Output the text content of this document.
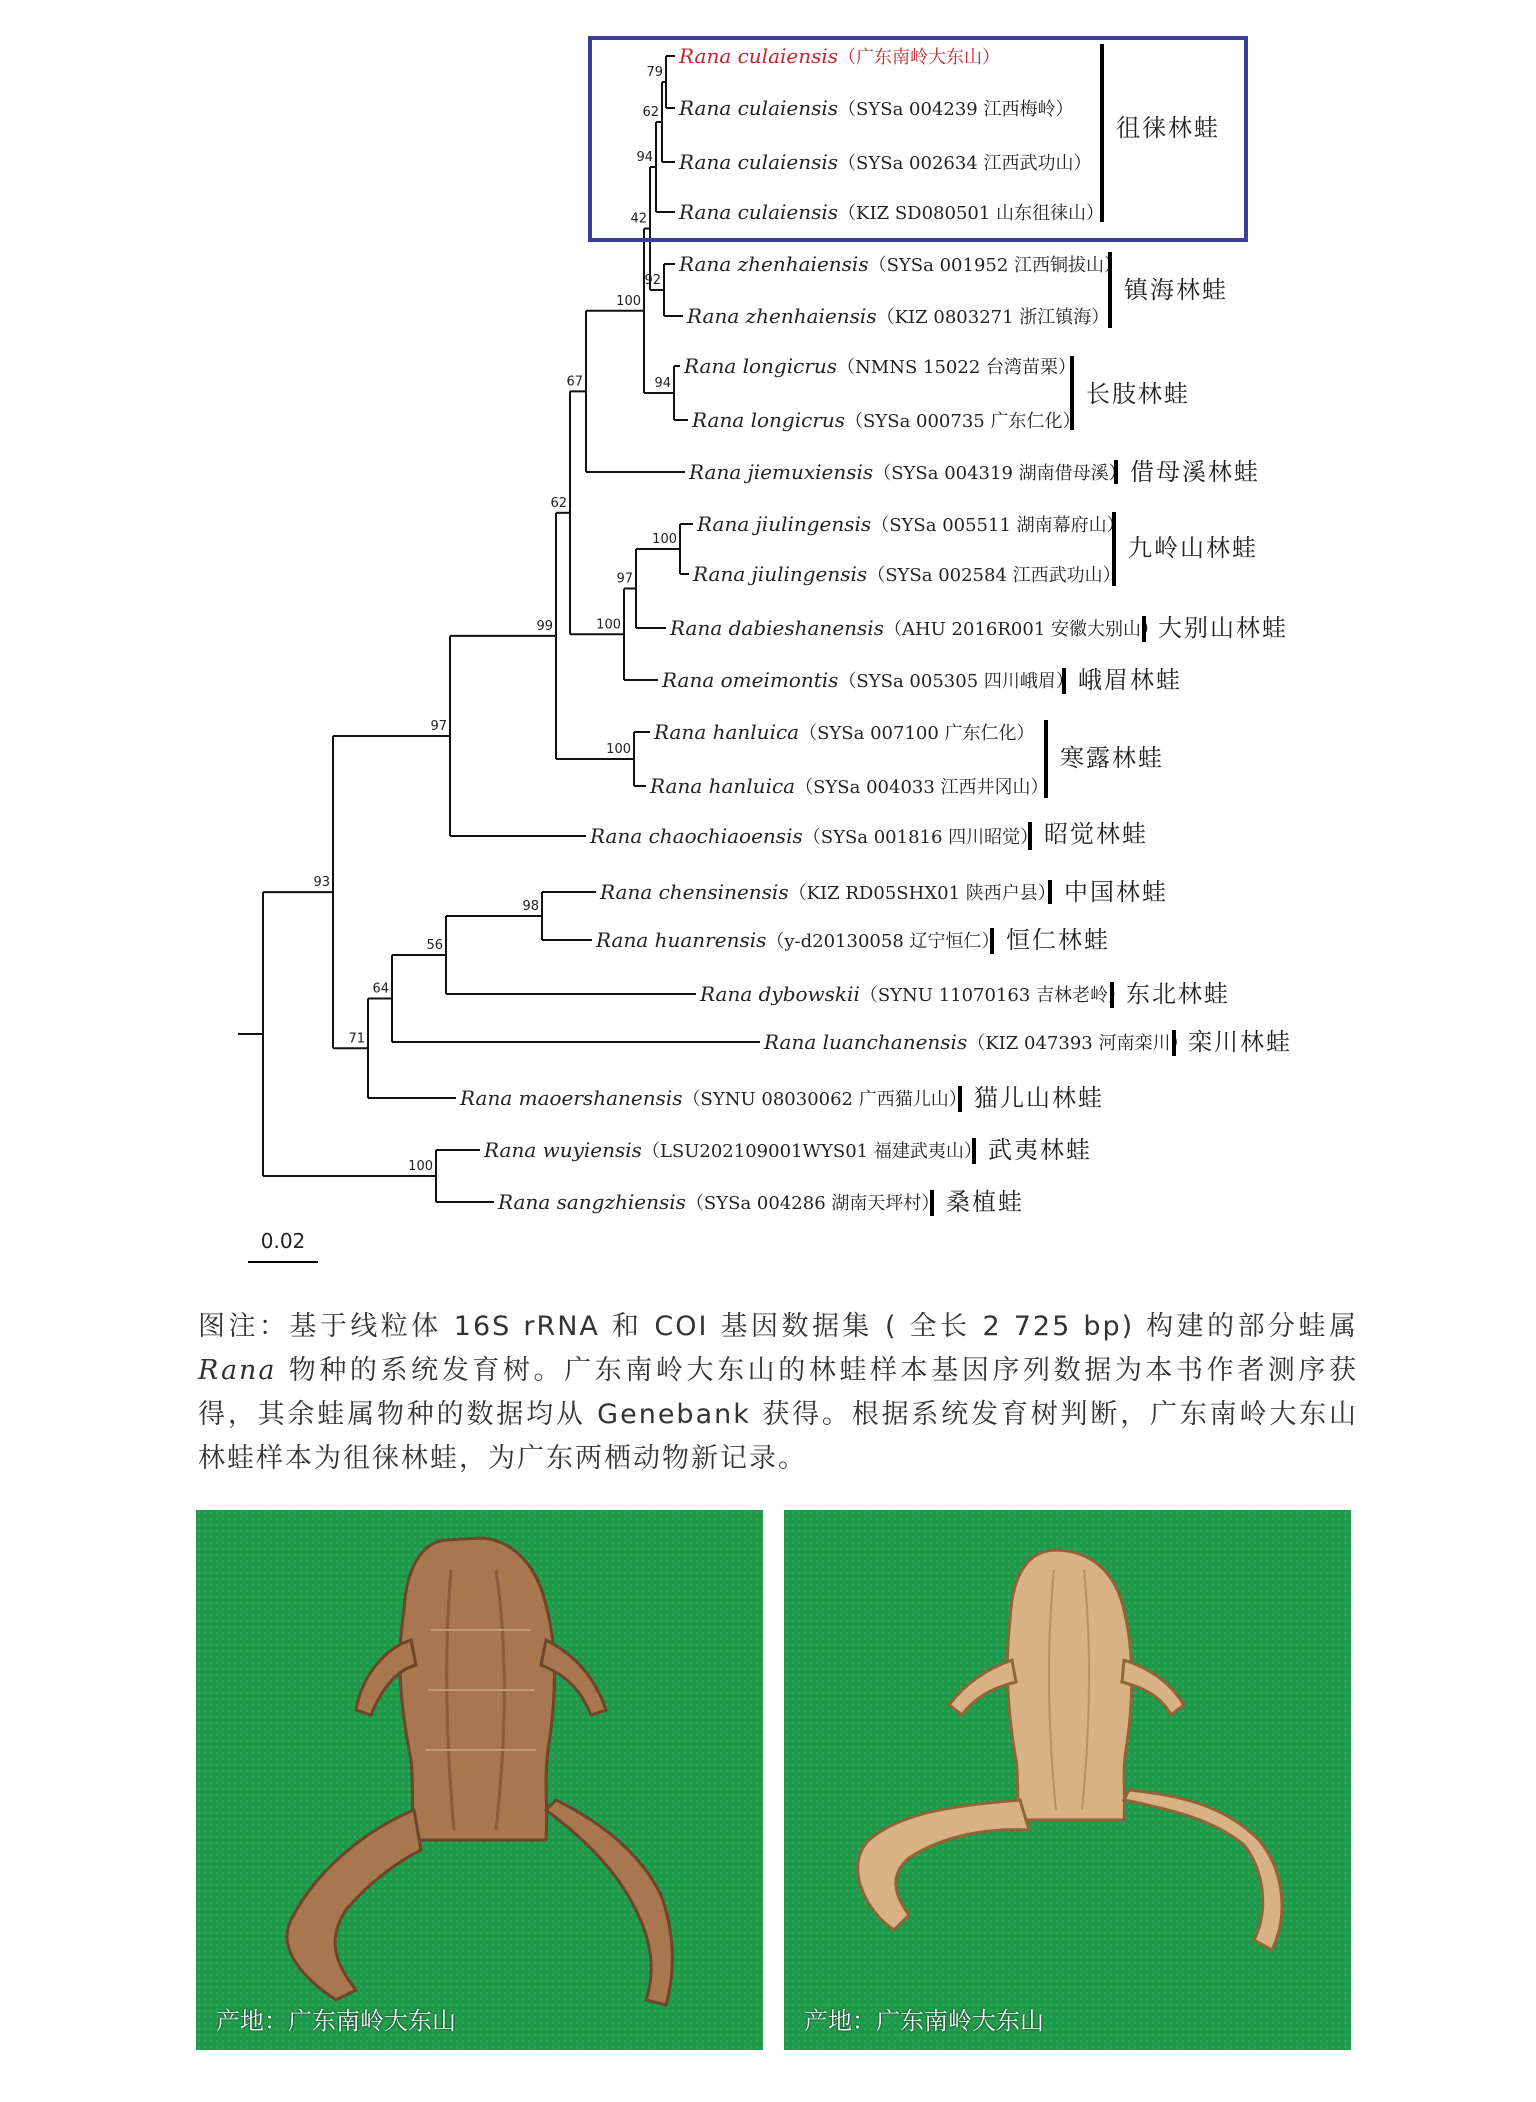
79
62
94
92
42
94
100
67
100
97
100
62
100
99
97
98
56
64
71
93
100
Rana culaiensis（广东南岭大东山）
Rana culaiensis（SYSa 004239 江西梅岭）
Rana culaiensis（SYSa 002634 江西武功山）
Rana culaiensis（KIZ SD080501 山东徂徕山）
Rana zhenhaiensis（SYSa 001952 江西铜拔山）
Rana zhenhaiensis（KIZ 0803271 浙江镇海）
Rana longicrus（NMNS 15022 台湾苗栗）
Rana longicrus（SYSa 000735 广东仁化）
Rana jiemuxiensis（SYSa 004319 湖南借母溪）
Rana jiulingensis（SYSa 005511 湖南幕府山）
Rana jiulingensis（SYSa 002584 江西武功山）
Rana dabieshanensis（AHU 2016R001 安徽大别山）
Rana omeimontis（SYSa 005305 四川峨眉）
Rana hanluica（SYSa 007100 广东仁化）
Rana hanluica（SYSa 004033 江西井冈山）
Rana chaochiaoensis（SYSa 001816 四川昭觉）
Rana chensinensis（KIZ RD05SHX01 陕西户县）
Rana huanrensis（y-d20130058 辽宁恒仁）
Rana dybowskii（SYNU 11070163 吉林老岭）
Rana luanchanensis（KIZ 047393 河南栾川）
Rana maoershanensis（SYNU 08030062 广西猫儿山）
Rana wuyiensis（LSU202109001WYS01 福建武夷山）
Rana sangzhiensis（SYSa 004286 湖南天坪村）
徂徕林蛙
镇海林蛙
长肢林蛙
借母溪林蛙
九岭山林蛙
大别山林蛙
峨眉林蛙
寒露林蛙
昭觉林蛙
中国林蛙
恒仁林蛙
东北林蛙
栾川林蛙
猫儿山林蛙
武夷林蛙
桑植蛙
0.02
图注：基于线粒体 16S rRNA 和 COI 基因数据集 ( 全长 2 725 bp) 构建的部分蛙属 Rana 物种的系统发育树。广东南岭大东山的林蛙样本基因序列数据为本书作者测序获得，其余蛙属物种的数据均从 Genebank 获得。根据系统发育树判断，广东南岭大东山林蛙样本为徂徕林蛙，为广东两栖动物新记录。
产地：广东南岭大东山	产地：广东南岭大东山
